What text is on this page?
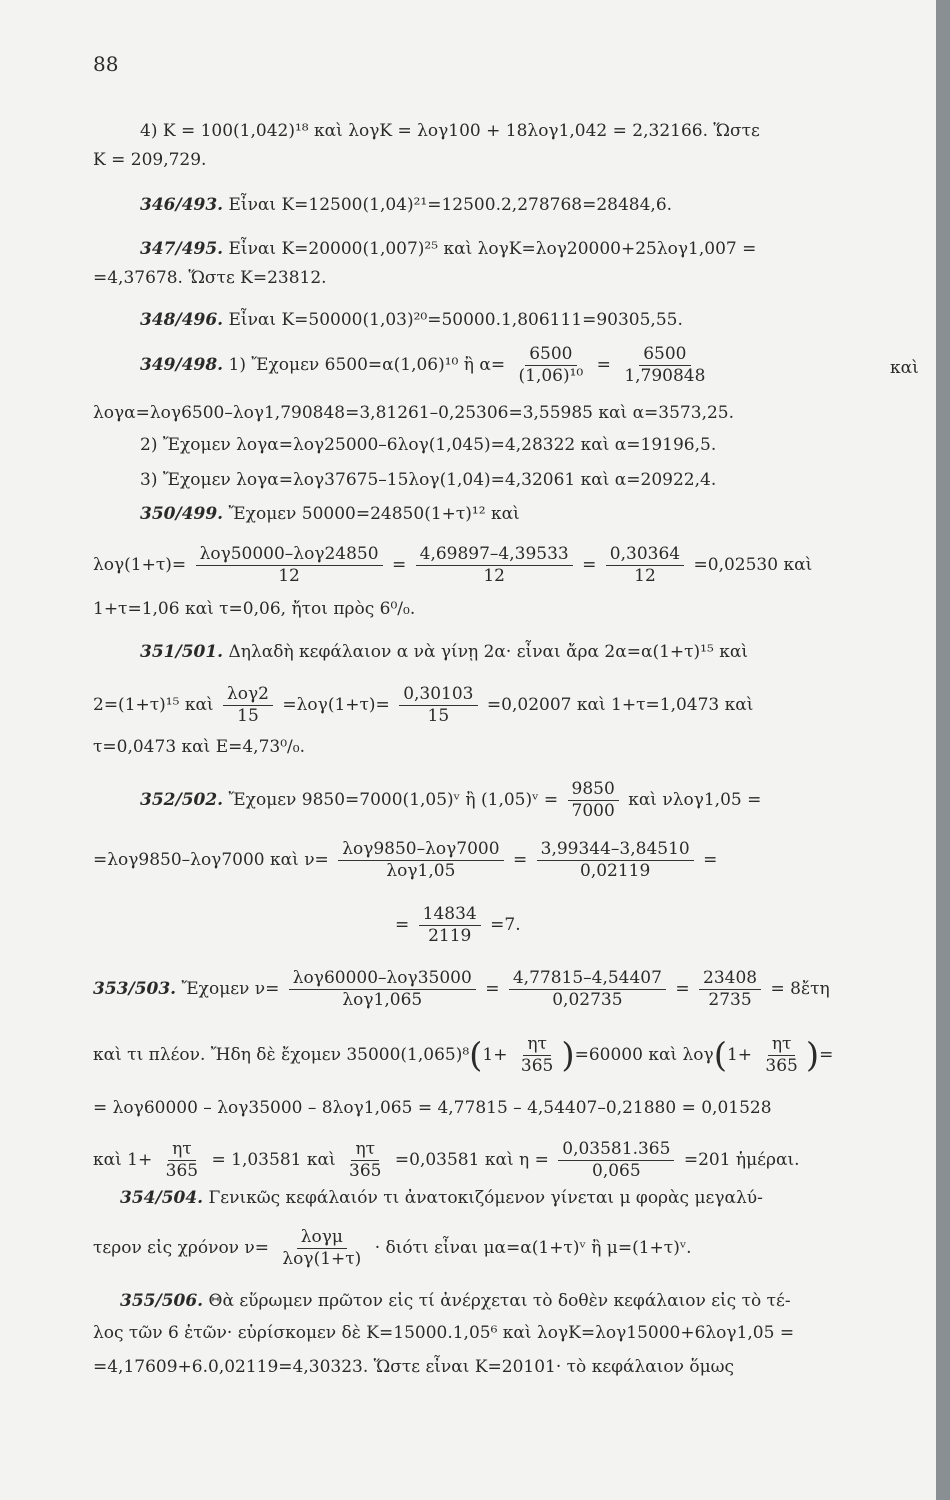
88
4) Κ = 100(1,042)¹⁸ καὶ λογΚ = λογ100 + 18λογ1,042 = 2,32166. Ὥστε
Κ = 209,729.
346/493. Εἶναι Κ=12500(1,04)²¹=12500.2,278768=28484,6.
347/495. Εἶναι Κ=20000(1,007)²⁵ καὶ λογΚ=λογ20000+25λογ1,007 =
=4,37678. Ὥστε Κ=23812.
348/496. Εἶναι Κ=50000(1,03)²⁰=50000.1,806111=90305,55.
349/498. 1) Ἔχομεν 6500=α(1,06)¹⁰ ἢ $\alpha= \frac{6500}{\text{(1,06)¹⁰}} = \frac{6500}{1,790848}$	καὶ
λογα=λογ6500–λογ1,790848=3,81261–0,25306=3,55985 καὶ α=3573,25.
2) Ἔχομεν λογα=λογ25000–6λογ(1,045)=4,28322 καὶ α=19196,5.
3) Ἔχομεν λογα=λογ37675–15λογ(1,04)=4,32061 καὶ α=20922,4.
350/499. Ἔχομεν 50000=24850(1+τ)¹² καὶ
$\lambda o\gamma(1+\tau)= \frac{\text{λογ50000–λογ24850}}{12} = \frac{4,69897-4,39533}{12} = \frac{0,30364}{12} =0,02530$ καὶ
1+τ=1,06 καὶ τ=0,06, ἤτοι πρὸς 6⁰/₀.
351/501. Δηλαδὴ κεφάλαιον α νὰ γίνῃ 2α· εἶναι ἄρα 2α=α(1+τ)¹⁵ καὶ
2=(1+τ)¹⁵ καὶ $\frac{\text{λογ2}}{15} =\lambda o\gamma(1+\tau)= \frac{0,30103}{15} =0,02007$ καὶ 1+τ=1,0473 καὶ
τ=0,0473 καὶ Ε=4,73⁰/₀.
352/502. Ἔχομεν 9850=7000(1,05)ᵛ ἢ (1,05)ᵛ = $\frac{9850}{7000}$ καὶ νλογ1,05 =
=λογ9850–λογ7000 καὶ $\nu= \frac{\text{λογ9850–λογ7000}}{\text{λογ1,05}} = \frac{3,99344-3,84510}{0,02119}$ =
= $\frac{14834}{2119} =7$.
353/503. Ἔχομεν $\nu= \frac{\text{λογ60000–λογ35000}}{\text{λογ1,065}} = \frac{4,77815-4,54407}{0,02735} = \frac{23408}{2735}$ = 8ἔτη
καὶ τι πλέον. Ἤδη δὲ ἔχομεν $35000(1,065)^8(1+ \frac{\eta\tau}{365} )=60000$ καὶ $\lambda o\gamma(1+ \frac{\eta\tau}{365}$ )=
= λογ60000 – λογ35000 – 8λογ1,065 = 4,77815 – 4,54407–0,21880 = 0,01528
καὶ $1+ \frac{\eta\tau}{365} = 1,03581$ καὶ $\frac{\eta\tau}{365} =0,03581$ καὶ $\eta = \frac{0,03581.365}{0,065} =201$ ἡμέραι.
354/504. Γενικῶς κεφάλαιόν τι ἀνατοκιζόμενον γίνεται μ φορὰς μεγαλύ-
τερον εἰς χρόνον $\nu= \frac{\text{λογμ}}{\text{λογ(1+τ)}} \cdot \delta\iota ό\tau\iota$ εἶναι μα=α(1+τ)ᵛ ἢ μ=(1+τ)ᵛ.
355/506. Θὰ εὕρωμεν πρῶτον εἰς τί ἀνέρχεται τὸ δοθὲν κεφάλαιον εἰς τὸ τέ-
λος τῶν 6 ἐτῶν· εὑρίσκομεν δὲ Κ=15000.1,05⁶ καὶ λογΚ=λογ15000+6λογ1,05 =
=4,17609+6.0,02119=4,30323. Ὥστε εἶναι Κ=20101· τὸ κεφάλαιον ὅμως
